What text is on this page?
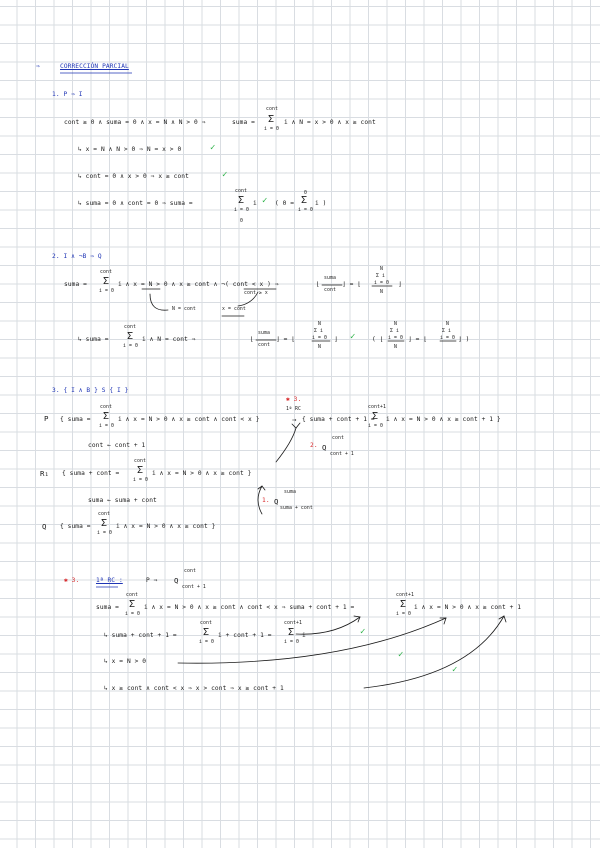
⇒	CORRECCIÓN PARCIAL
1. P ⇒ I
cont ≥ 0 ∧ suma = 0 ∧ x = N ∧ N > 0 ⇒
cont
suma = Σ
i = 0
i ∧ N = x > 0 ∧ x ≥ cont
↳ x = N ∧ N > 0 ⇒ N = x > 0	✓
↳ cont = 0 ∧ x > 0 ⇒ x ≥ cont	✓
↳ suma = 0 ∧ cont = 0 ⇒ suma =
cont
Σ
i = 0
0
i ✓ ( 0 =
0
Σ
i = 0
i )
2. I ∧ ¬B ⇒ Q
suma =
cont
Σ
i = 0
i ∧ x = N > 0 ∧ x ≥ cont ∧ ¬( cont < x ) ⇒
cont ≥ x
⌊
suma
cont
⌋ = ⌊
N
Σ i
i = 0
N
⌋
N = cont	x = cont
↳ suma =
cont
Σ
i = 0
i ∧ N = cont ⇒	⌊
suma
cont
⌋ = ⌊
N
Σ i
i = 0
N
⌋ ✓	( ⌊
N
Σ i
i = 0
N
⌋ = ⌊
N
Σ i
i = 0 ⌋ )
3. { I ∧ B } S { I }
✱ 3.
1ª RC
P { suma =
cont
Σ
i = 0
i ∧ x = N > 0 ∧ x ≥ cont ∧ cont < x }	⇒ { suma + cont + 1 =
cont+1
Σ
i = 0
i ∧ x = N > 0 ∧ x ≥ cont + 1 }
cont ← cont + 1	2. Q
cont
cont + 1
R₁ { suma + cont =
cont
Σ
i = 0
i ∧ x = N > 0 ∧ x ≥ cont }
suma ← suma + cont	1. Q
suma
suma + cont
Q { suma =
cont
Σ
i = 0
i ∧ x = N > 0 ∧ x ≥ cont }
✱ 3.	1ª RC :	P ⇒ Q
cont
cont + 1
suma =
cont
Σ
i = 0
i ∧ x = N > 0 ∧ x ≥ cont ∧ cont < x ⇒ suma + cont + 1 =
cont+1
Σ
i = 0
i ∧ x = N > 0 ∧ x ≥ cont + 1
↳ suma + cont + 1 =
cont
Σ
i = 0
i + cont + 1 =
cont+1
Σ
i = 0
i	✓
↳ x = N > 0
✓
↳ x ≥ cont ∧ cont < x ⇒ x > cont ⇒ x ≥ cont + 1
✓
